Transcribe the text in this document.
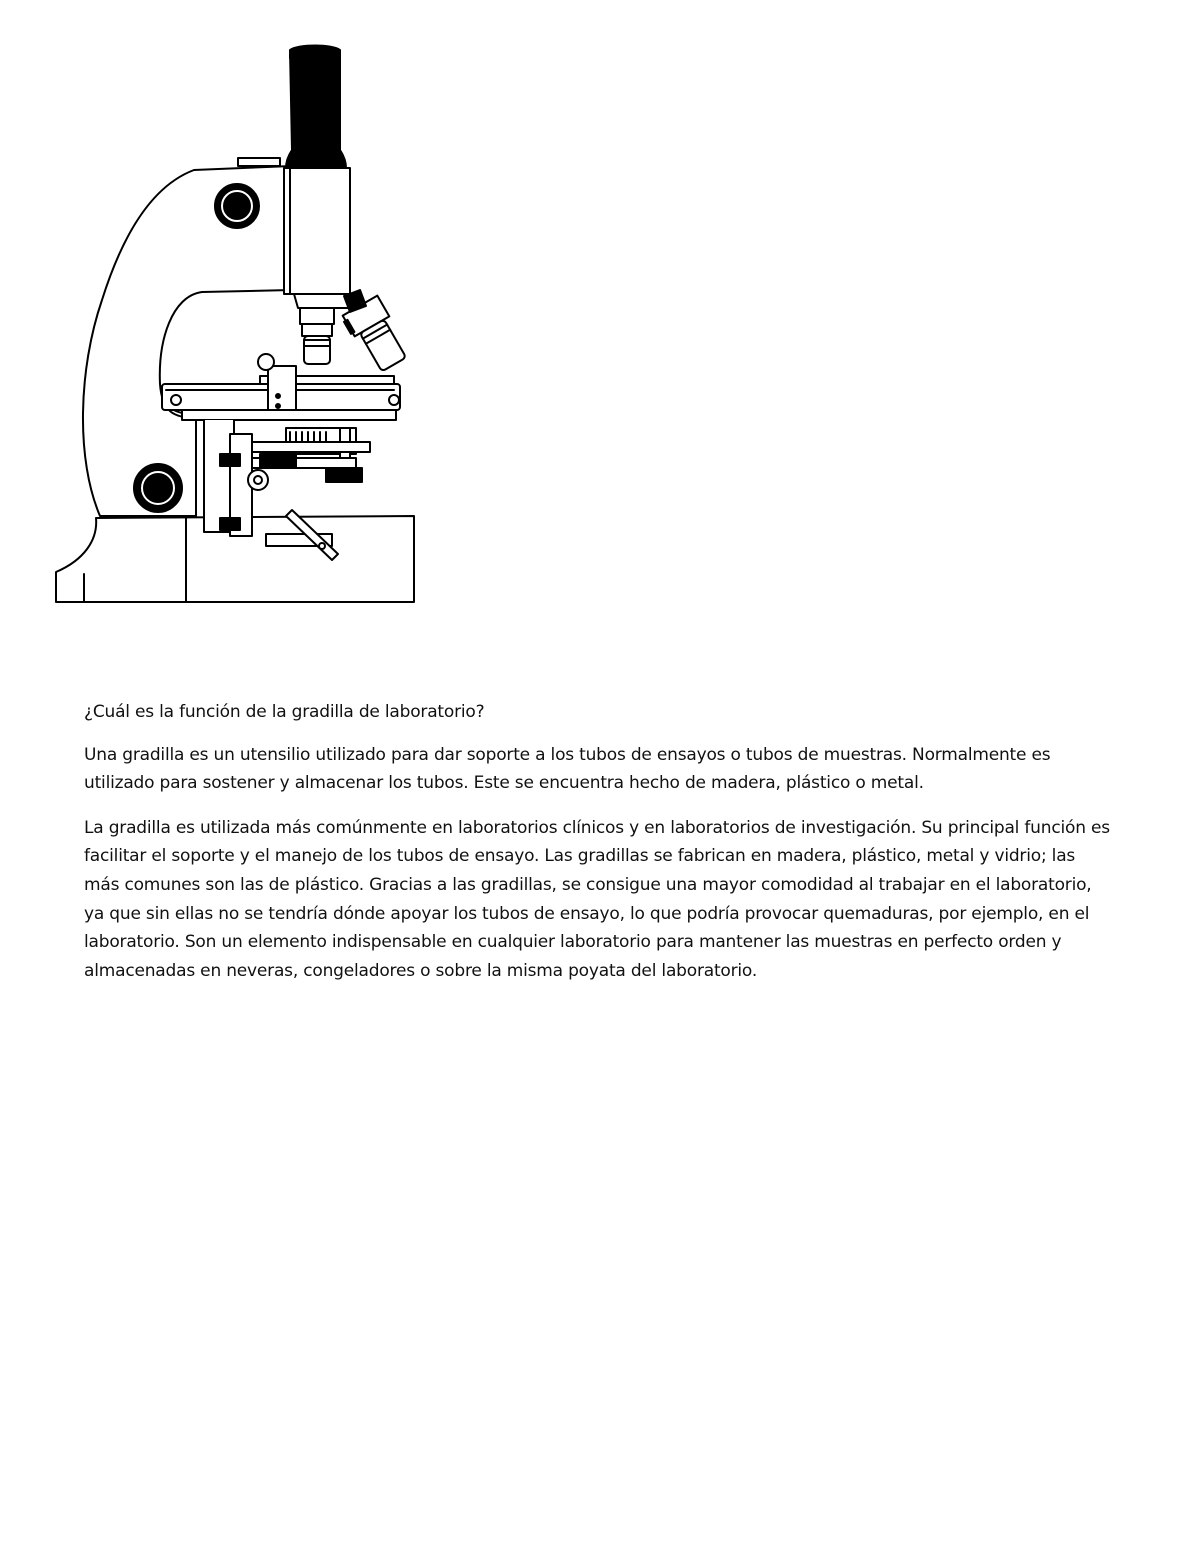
¿Cuál es la función de la gradilla de laboratorio?

Una gradilla es un utensilio utilizado para dar soporte a los tubos de ensayos o tubos de muestras. Normalmente es utilizado para sostener y almacenar los tubos. Este se encuentra hecho de madera, plástico o metal.

La gradilla es utilizada más comúnmente en laboratorios clínicos y en laboratorios de investigación. Su principal función es facilitar el soporte y el manejo de los tubos de ensayo. Las gradillas se fabrican en madera, plástico, metal y vidrio; las más comunes son las de plástico. Gracias a las gradillas, se consigue una mayor comodidad al trabajar en el laboratorio, ya que sin ellas no se tendría dónde apoyar los tubos de ensayo, lo que podría provocar quemaduras, por ejemplo, en el laboratorio. Son un elemento indispensable en cualquier laboratorio para mantener las muestras en perfecto orden y almacenadas en neveras, congeladores o sobre la misma poyata del laboratorio.
